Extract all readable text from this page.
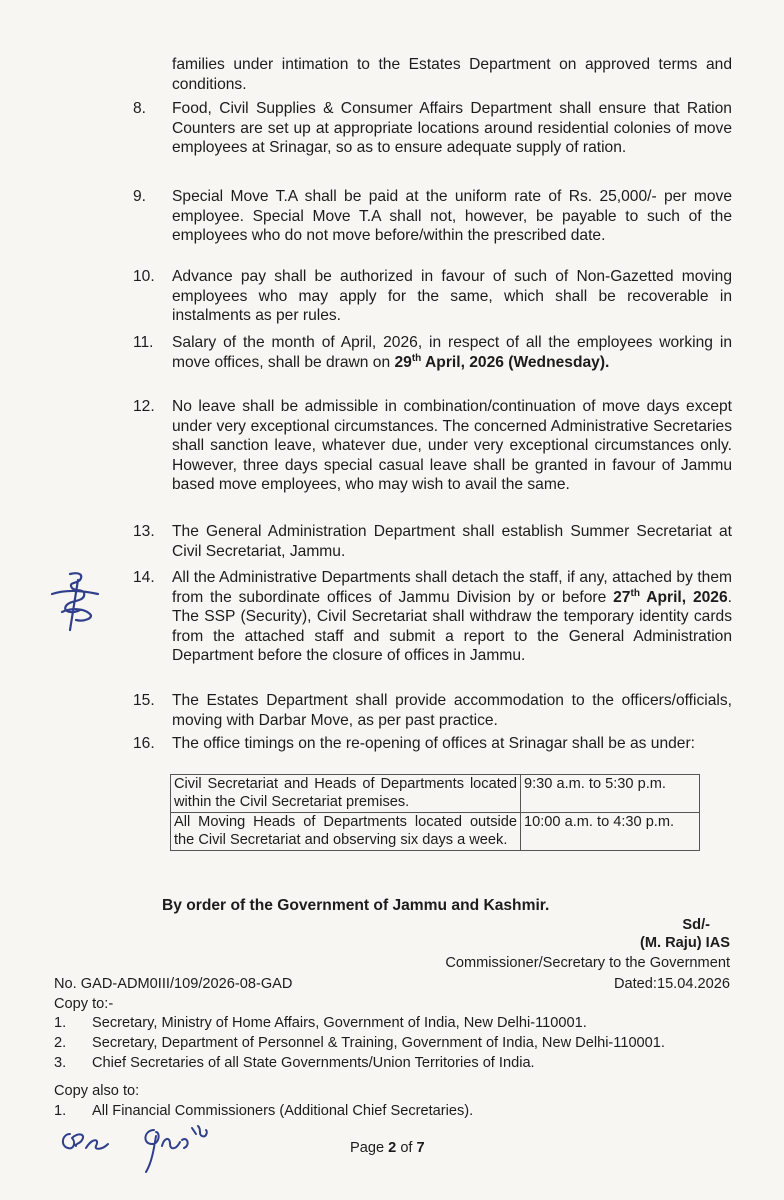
families under intimation to the Estates Department on approved terms and conditions.
8. Food, Civil Supplies & Consumer Affairs Department shall ensure that Ration Counters are set up at appropriate locations around residential colonies of move employees at Srinagar, so as to ensure adequate supply of ration.
9. Special Move T.A shall be paid at the uniform rate of Rs. 25,000/- per move employee. Special Move T.A shall not, however, be payable to such of the employees who do not move before/within the prescribed date.
10. Advance pay shall be authorized in favour of such of Non-Gazetted moving employees who may apply for the same, which shall be recoverable in instalments as per rules.
11. Salary of the month of April, 2026, in respect of all the employees working in move offices, shall be drawn on 29th April, 2026 (Wednesday).
12. No leave shall be admissible in combination/continuation of move days except under very exceptional circumstances. The concerned Administrative Secretaries shall sanction leave, whatever due, under very exceptional circumstances only. However, three days special casual leave shall be granted in favour of Jammu based move employees, who may wish to avail the same.
13. The General Administration Department shall establish Summer Secretariat at Civil Secretariat, Jammu.
14. All the Administrative Departments shall detach the staff, if any, attached by them from the subordinate offices of Jammu Division by or before 27th April, 2026. The SSP (Security), Civil Secretariat shall withdraw the temporary identity cards from the attached staff and submit a report to the General Administration Department before the closure of offices in Jammu.
15. The Estates Department shall provide accommodation to the officers/officials, moving with Darbar Move, as per past practice.
16. The office timings on the re-opening of offices at Srinagar shall be as under:
Civil Secretariat and Heads of Departments located within the Civil Secretariat premises.	9:30 a.m. to 5:30 p.m.
All Moving Heads of Departments located outside the Civil Secretariat and observing six days a week.	10:00 a.m. to 4:30 p.m.
By order of the Government of Jammu and Kashmir.
Sd/-
(M. Raju) IAS
Commissioner/Secretary to the Government
No. GAD-ADM0III/109/2026-08-GAD	Dated:15.04.2026
Copy to:-
1. Secretary, Ministry of Home Affairs, Government of India, New Delhi-110001.
2. Secretary, Department of Personnel & Training, Government of India, New Delhi-110001.
3. Chief Secretaries of all State Governments/Union Territories of India.
Copy also to:
1. All Financial Commissioners (Additional Chief Secretaries).
Page 2 of 7
